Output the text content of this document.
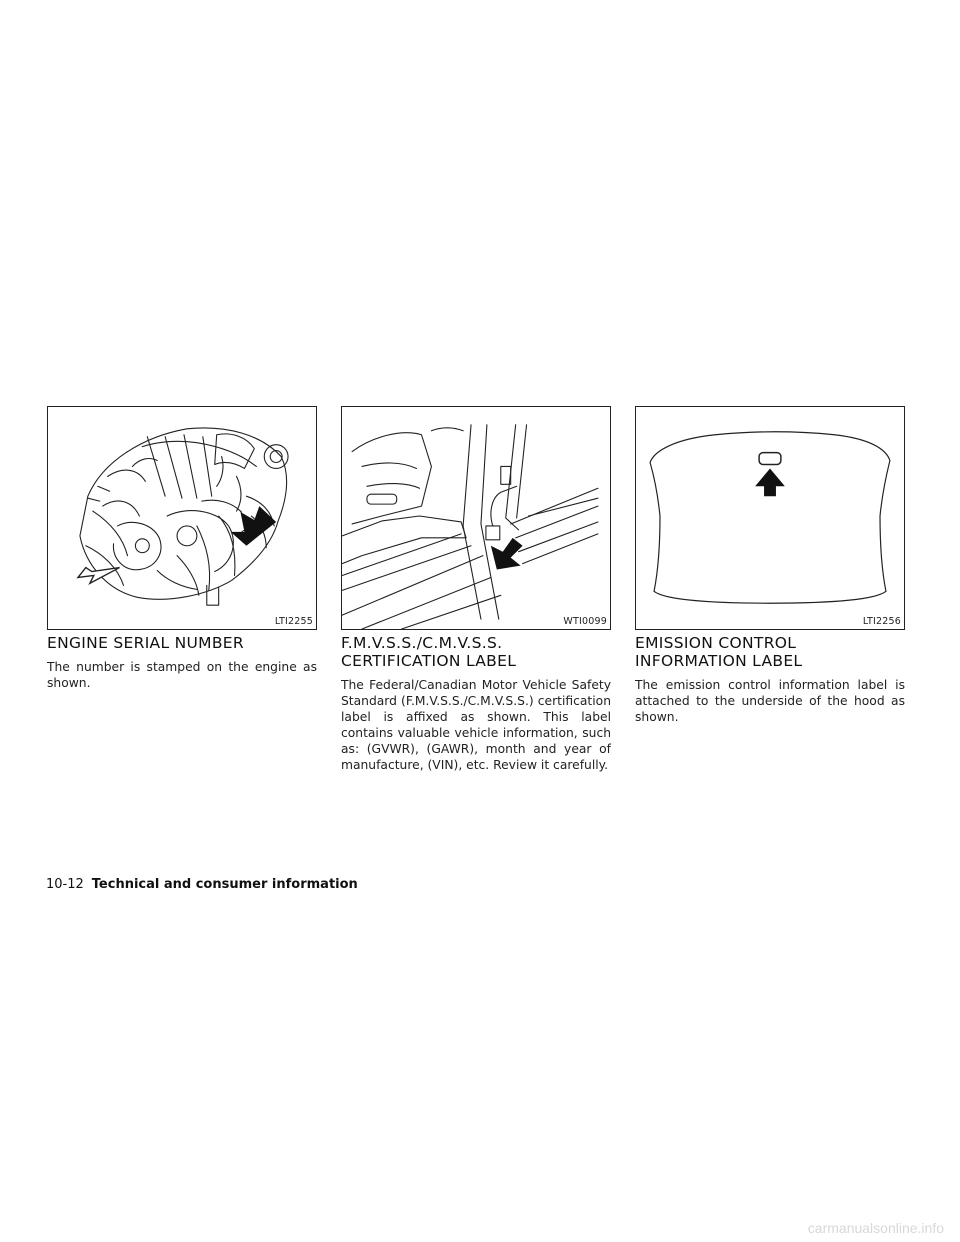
LTI2255	WTI0099	LTI2256
ENGINE SERIAL NUMBER

The number is stamped on the engine as shown.

F.M.V.S.S./C.M.V.S.S. CERTIFICATION LABEL

The Federal/Canadian Motor Vehicle Safety Standard (F.M.V.S.S./C.M.V.S.S.) certification label is affixed as shown. This label contains valuable vehicle information, such as: (GVWR), (GAWR), month and year of manufacture, (VIN), etc. Review it carefully.

EMISSION CONTROL INFORMATION LABEL

The emission control information label is attached to the underside of the hood as shown.

10-12 Technical and consumer information
carmanualsonline.info
